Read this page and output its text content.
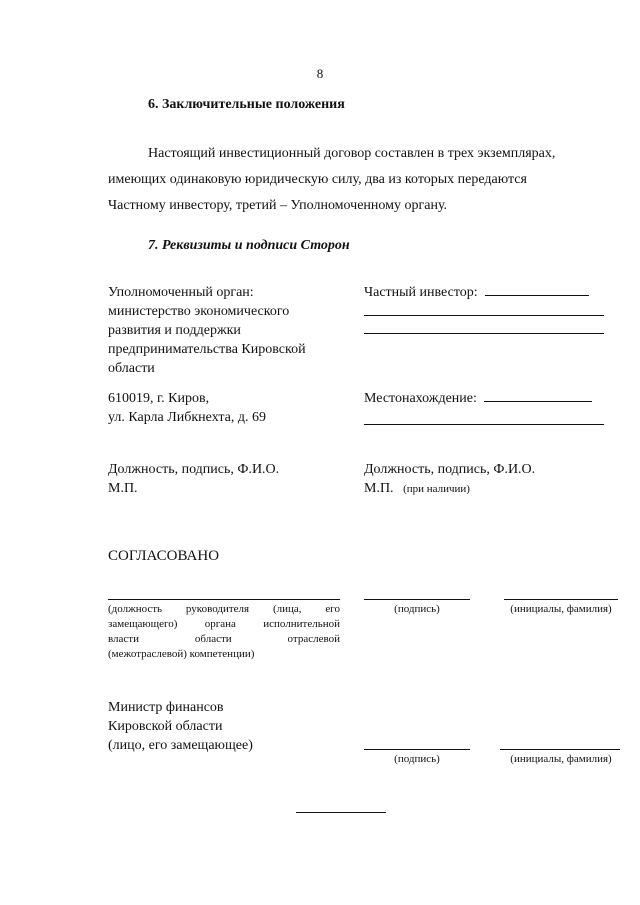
8
6. Заключительные положения
Настоящий инвестиционный договор составлен в трех экземплярах,
имеющих одинаковую юридическую силу, два из которых передаются
Частному инвестору, третий – Уполномоченному органу.
7. Реквизиты и подписи Сторон
Уполномоченный орган:
министерство экономического
развития и поддержки
предпринимательства Кировской
области
610019, г. Киров,
ул. Карла Либкнехта, д. 69
Должность, подпись, Ф.И.О.
М.П.
Частный инвестор:
Местонахождение:
Должность, подпись, Ф.И.О.
М.П. (при наличии)
СОГЛАСОВАНО
(должность руководителя (лица, его
замещающего) органа исполнительной
власти области отраслевой
(межотраслевой) компетенции)
(подпись)	(инициалы, фамилия)
Министр финансов
Кировской области
(лицо, его замещающее)
(подпись)	(инициалы, фамилия)
